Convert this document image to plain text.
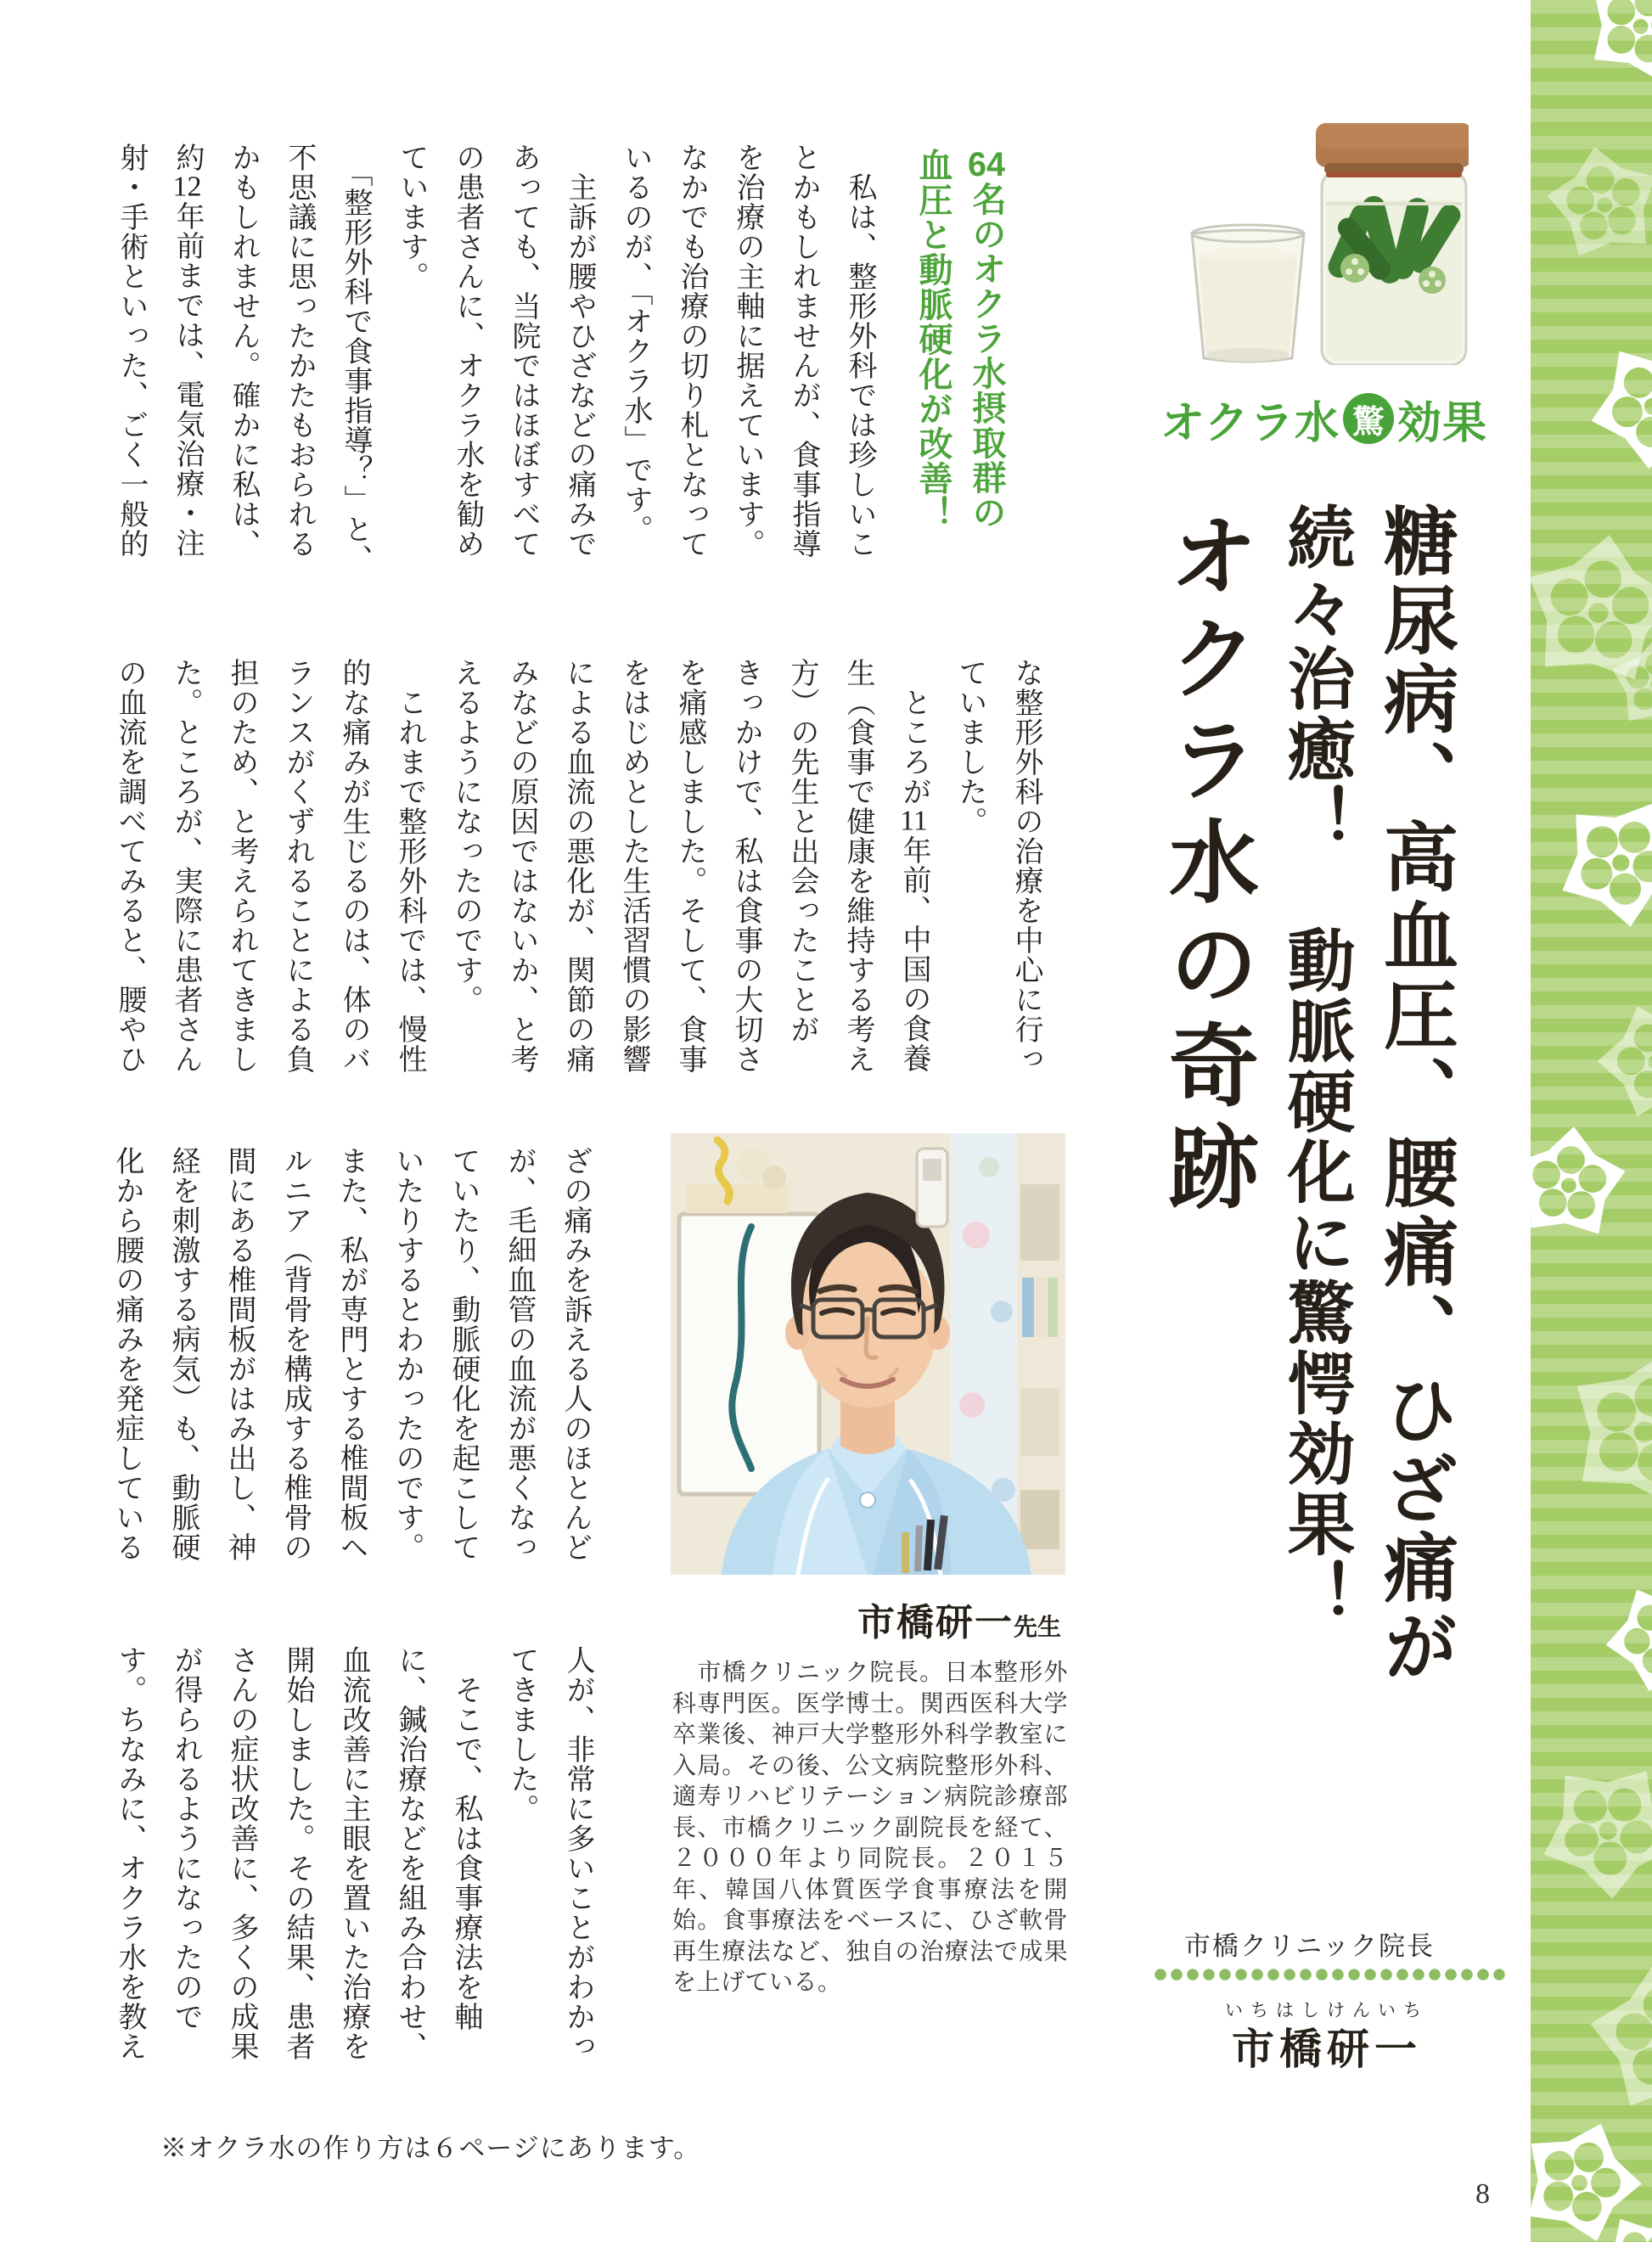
オクラ水 驚 効果
糖尿病、高血圧、腰痛、ひざ痛が
続々治癒！　動脈硬化に驚愕効果！
オクラ水の奇跡

64名のオクラ水摂取群の

血圧と動脈硬化が改善！

　私は、整形外科では珍しいこ

とかもしれませんが、食事指導

を治療の主軸に据えています。

なかでも治療の切り札となって

いるのが、「オクラ水」です。

　主訴が腰やひざなどの痛みで

あっても、当院ではほぼすべて

の患者さんに、オクラ水を勧め

ています。

　「整形外科で食事指導？」と、

不思議に思ったかたもおられる

かもしれません。確かに私は、

約12年前までは、電気治療・注

射・手術といった、ごく一般的

な整形外科の治療を中心に行っ

ていました。

　ところが11年前、中国の食養

生（食事で健康を維持する考え

方）の先生と出会ったことが

きっかけで、私は食事の大切さ

を痛感しました。そして、食事

をはじめとした生活習慣の影響

による血流の悪化が、関節の痛

みなどの原因ではないか、と考

えるようになったのです。

　これまで整形外科では、慢性

的な痛みが生じるのは、体のバ

ランスがくずれることによる負

担のため、と考えられてきまし

た。ところが、実際に患者さん

の血流を調べてみると、腰やひ

ざの痛みを訴える人のほとんど

が、毛細血管の血流が悪くなっ

ていたり、動脈硬化を起こして

いたりするとわかったのです。

また、私が専門とする椎間板ヘ

ルニア（背骨を構成する椎骨の

間にある椎間板がはみ出し、神

経を刺激する病気）も、動脈硬

化から腰の痛みを発症している

人が、非常に多いことがわかっ

てきました。

　そこで、私は食事療法を軸

に、鍼治療などを組み合わせ、

血流改善に主眼を置いた治療を

開始しました。その結果、患者

さんの症状改善に、多くの成果

が得られるようになったので

す。ちなみに、オクラ水を教え

市橋研一先生
　市橋クリニック院長。日本整形外科専門医。医学博士。関西医科大学卒業後、神戸大学整形外科学教室に入局。その後、公文病院整形外科、適寿リハビリテーション病院診療部長、市橋クリニック副院長を経て、２０００年より同院長。２０１５年、韓国八体質医学食事療法を開始。食事療法をベースに、ひざ軟骨再生療法など、独自の治療法で成果を上げている。
市橋クリニック院長
いちはしけんいち
市橋研一
※オクラ水の作り方は６ページにあります。
8
